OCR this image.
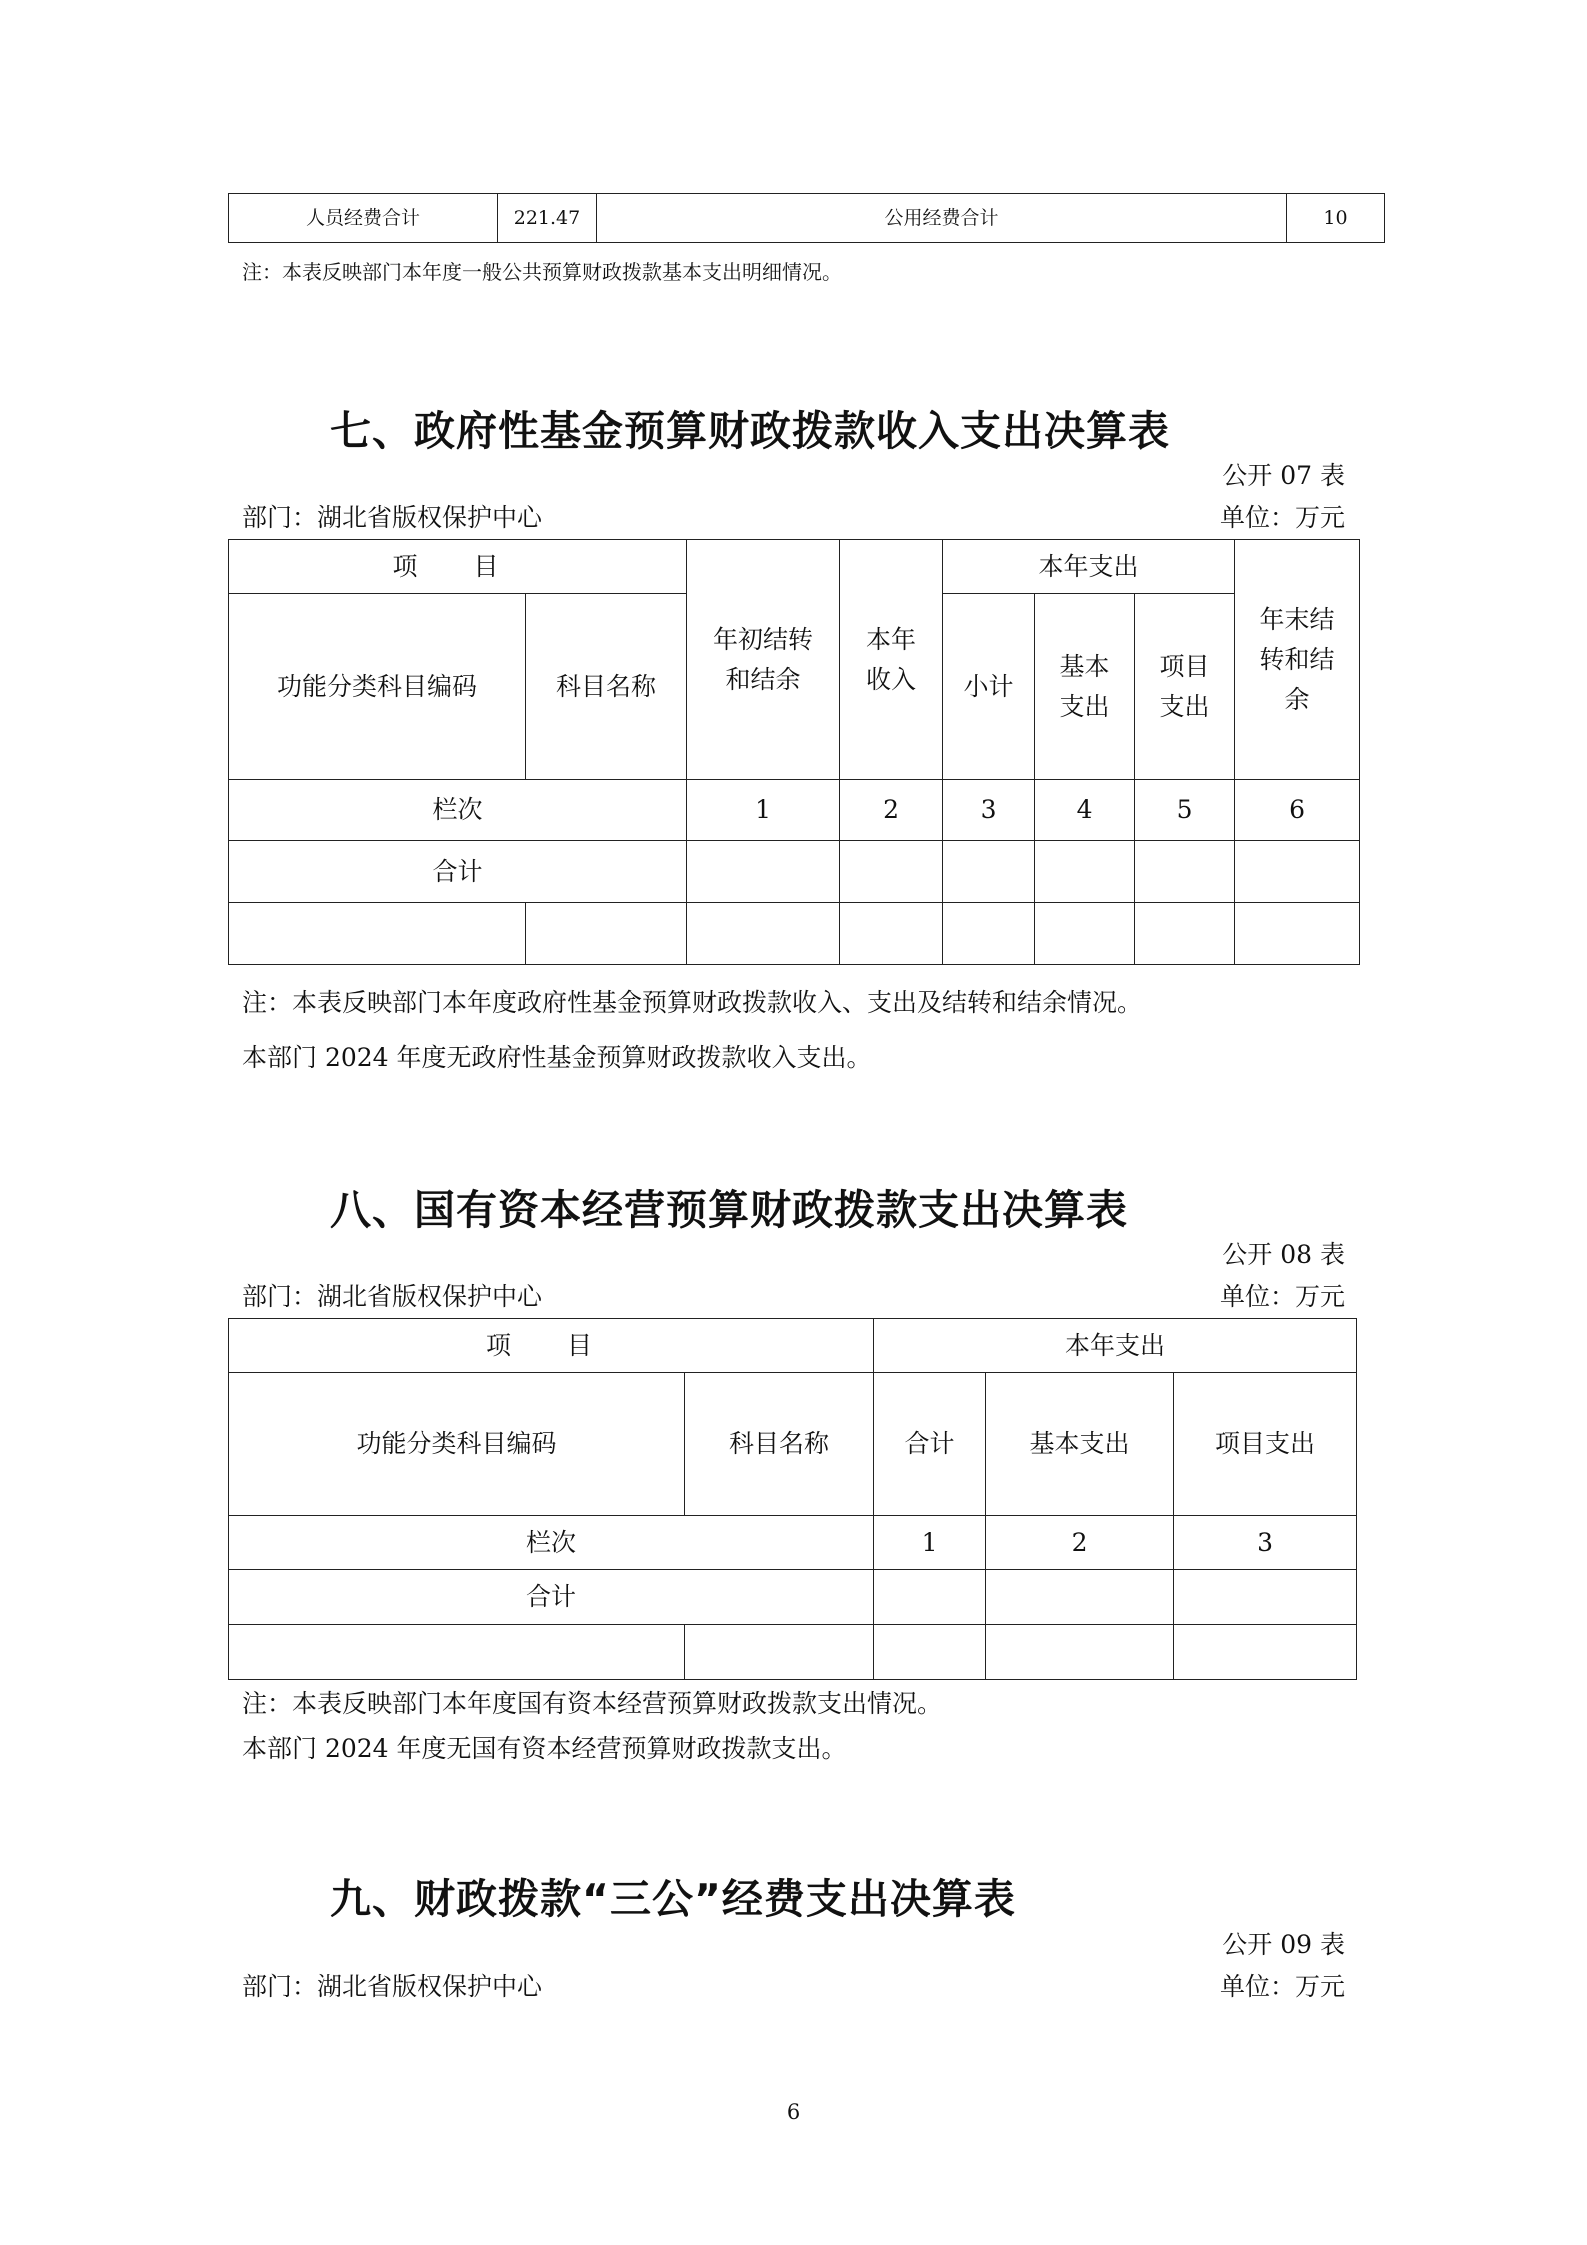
人员经费合计	221.47	公用经费合计	10
注：本表反映部门本年度一般公共预算财政拨款基本支出明细情况。
七、政府性基金预算财政拨款收入支出决算表
公开 07 表
部门：湖北省版权保护中心	单位：万元
项 目		年初结转和结余	本年收入	本年支出			年末结转和结余

功能分类科目编码	科目名称			小计	基本支出	项目支出	

栏次		1	2	3	4	5	6
合计							

注：本表反映部门本年度政府性基金预算财政拨款收入、支出及结转和结余情况。
本部门 2024 年度无政府性基金预算财政拨款收入支出。
八、国有资本经营预算财政拨款支出决算表
公开 08 表
部门：湖北省版权保护中心	单位：万元
项 目		本年支出		
功能分类科目编码	科目名称	合计	基本支出	项目支出
栏次		1	2	3
合计				

注：本表反映部门本年度国有资本经营预算财政拨款支出情况。
本部门 2024 年度无国有资本经营预算财政拨款支出。
九、财政拨款“三公”经费支出决算表
公开 09 表
部门：湖北省版权保护中心	单位：万元
6
